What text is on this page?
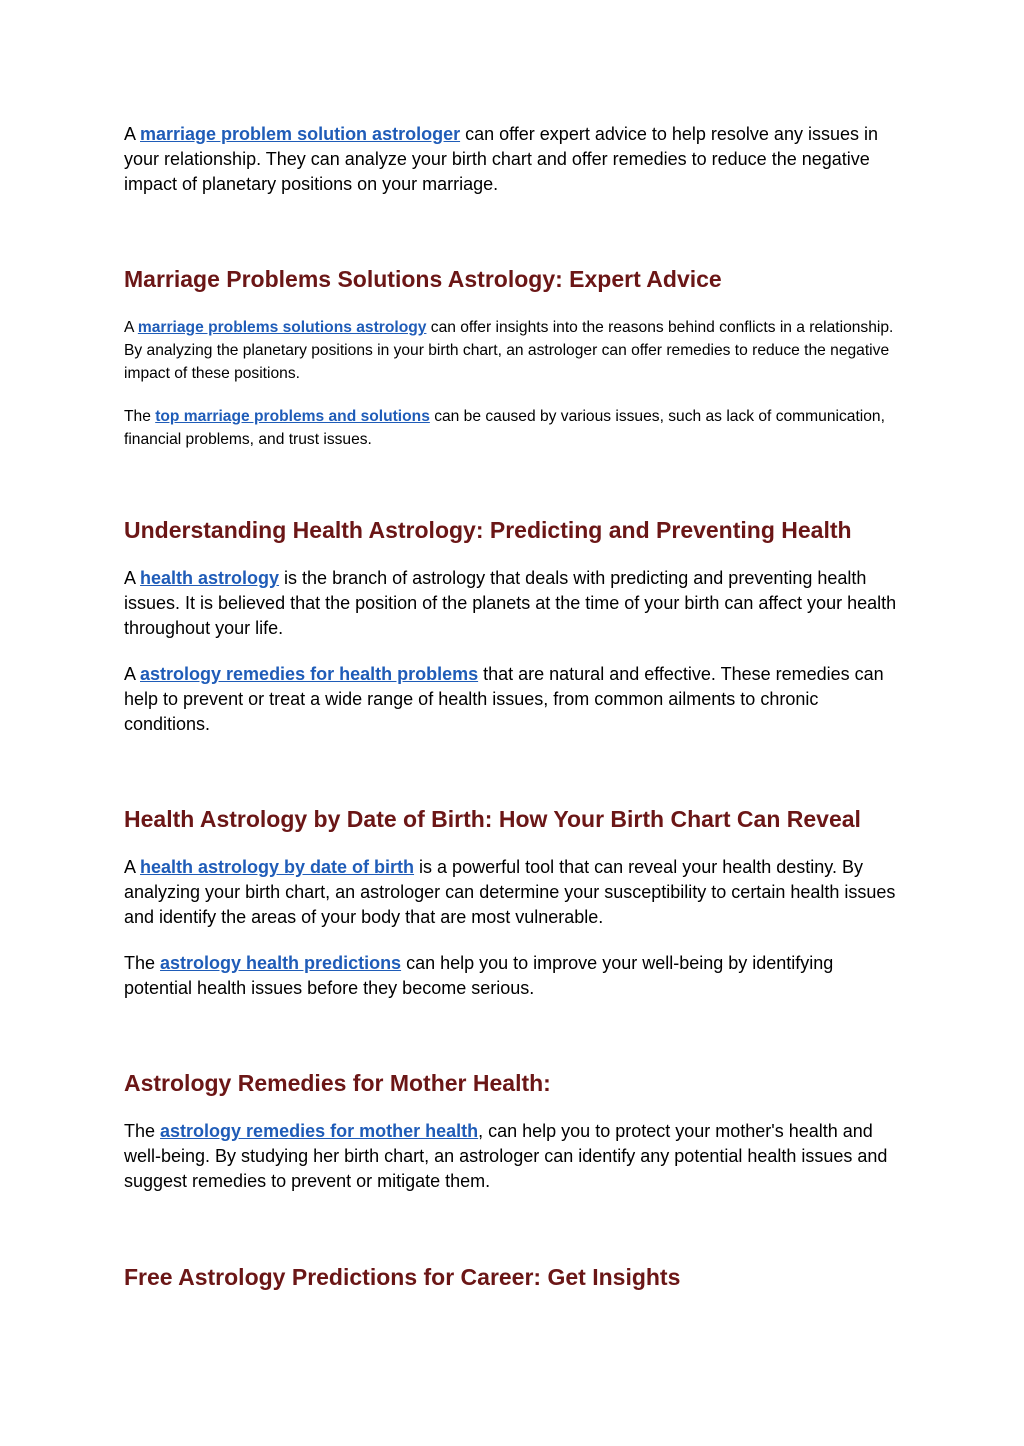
A marriage problem solution astrologer can offer expert advice to help resolve any issues in your relationship. They can analyze your birth chart and offer remedies to reduce the negative impact of planetary positions on your marriage.

Marriage Problems Solutions Astrology: Expert Advice

A marriage problems solutions astrology can offer insights into the reasons behind conflicts in a relationship. By analyzing the planetary positions in your birth chart, an astrologer can offer remedies to reduce the negative impact of these positions.

The top marriage problems and solutions can be caused by various issues, such as lack of communication, financial problems, and trust issues.

Understanding Health Astrology: Predicting and Preventing Health

A health astrology is the branch of astrology that deals with predicting and preventing health issues. It is believed that the position of the planets at the time of your birth can affect your health throughout your life.

A astrology remedies for health problems that are natural and effective. These remedies can help to prevent or treat a wide range of health issues, from common ailments to chronic conditions.

Health Astrology by Date of Birth: How Your Birth Chart Can Reveal

A health astrology by date of birth is a powerful tool that can reveal your health destiny. By analyzing your birth chart, an astrologer can determine your susceptibility to certain health issues and identify the areas of your body that are most vulnerable.

The astrology health predictions can help you to improve your well-being by identifying potential health issues before they become serious.

Astrology Remedies for Mother Health:

The astrology remedies for mother health, can help you to protect your mother's health and well-being. By studying her birth chart, an astrologer can identify any potential health issues and suggest remedies to prevent or mitigate them.

Free Astrology Predictions for Career: Get Insights
